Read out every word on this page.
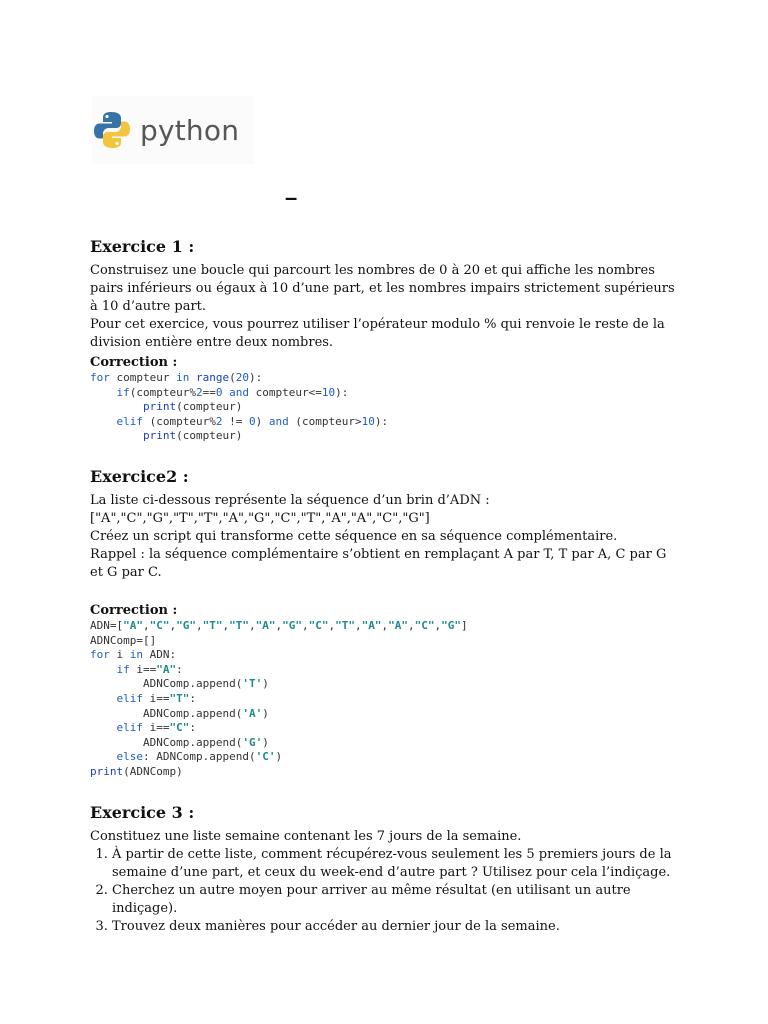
python
–
Exercice 1 :

Construisez une boucle qui parcourt les nombres de 0 à 20 et qui affiche les nombres pairs inférieurs ou égaux à 10 d’une part, et les nombres impairs strictement supérieurs à 10 d’autre part.

Pour cet exercice, vous pourrez utiliser l’opérateur modulo % qui renvoie le reste de la division entière entre deux nombres.

Correction :
for compteur in range(20):
if(compteur%2==0 and compteur<=10):
print(compteur)
elif (compteur%2 != 0) and (compteur>10):
print(compteur)
Exercice2 :

La liste ci-dessous représente la séquence d’un brin d’ADN :

["A","C","G","T","T","A","G","C","T","A","A","C","G"]

Créez un script qui transforme cette séquence en sa séquence complémentaire.

Rappel : la séquence complémentaire s’obtient en remplaçant A par T, T par A, C par G et G par C.

Correction :
ADN=["A","C","G","T","T","A","G","C","T","A","A","C","G"]
ADNComp=[]
for i in ADN:
if i=="A":
ADNComp.append('T')
elif i=="T":
ADNComp.append('A')
elif i=="C":
ADNComp.append('G')
else: ADNComp.append('C')
print(ADNComp)
Exercice 3 :

Constituez une liste semaine contenant les 7 jours de la semaine.

1. À partir de cette liste, comment récupérez-vous seulement les 5 premiers jours de la semaine d’une part, et ceux du week-end d’autre part ? Utilisez pour cela l’indiçage.
2. Cherchez un autre moyen pour arriver au même résultat (en utilisant un autre indiçage).
3. Trouvez deux manières pour accéder au dernier jour de la semaine.
